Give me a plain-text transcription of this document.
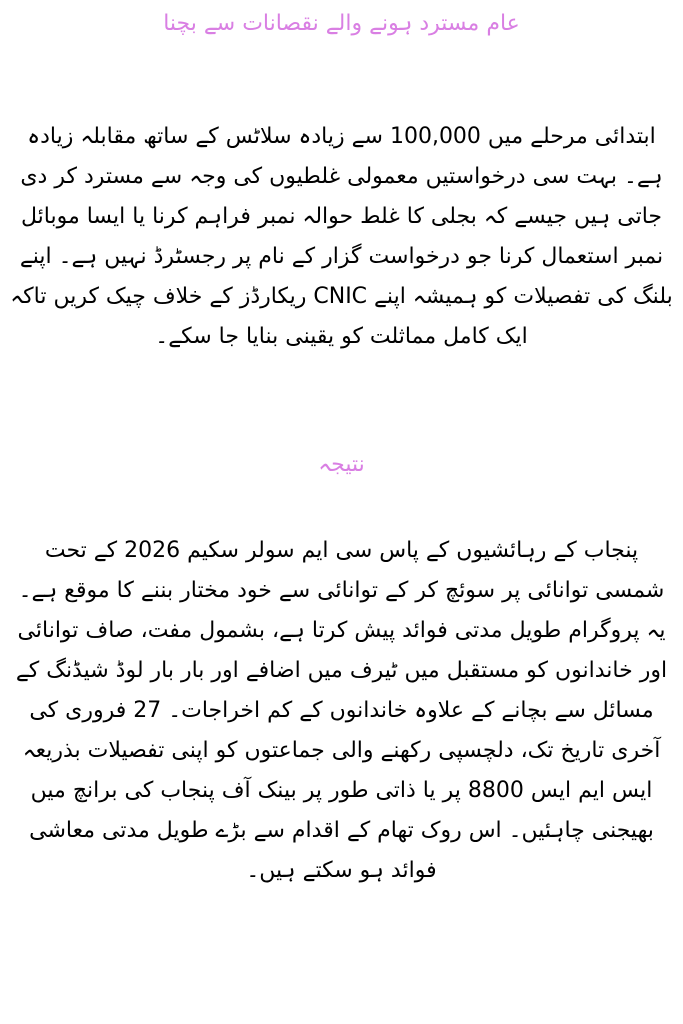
عام مسترد ہونے والے نقصانات سے بچنا

ابتدائی مرحلے میں 100,000 سے زیادہ سلاٹس کے ساتھ مقابلہ زیادہ ہے۔ بہت سی درخواستیں معمولی غلطیوں کی وجہ سے مسترد کر دی جاتی ہیں جیسے کہ بجلی کا غلط حوالہ نمبر فراہم کرنا یا ایسا موبائل نمبر استعمال کرنا جو درخواست گزار کے نام پر رجسٹرڈ نہیں ہے۔ اپنے بلنگ کی تفصیلات کو ہمیشہ اپنے CNIC ریکارڈز کے خلاف چیک کریں تاکہ ایک کامل مماثلت کو یقینی بنایا جا سکے۔

نتیجہ

پنجاب کے رہائشیوں کے پاس سی ایم سولر سکیم 2026 کے تحت شمسی توانائی پر سوئچ کر کے توانائی سے خود مختار بننے کا موقع ہے۔ یہ پروگرام طویل مدتی فوائد پیش کرتا ہے، بشمول مفت، صاف توانائی اور خاندانوں کو مستقبل میں ٹیرف میں اضافے اور بار بار لوڈ شیڈنگ کے مسائل سے بچانے کے علاوہ خاندانوں کے کم اخراجات۔ 27 فروری کی آخری تاریخ تک، دلچسپی رکھنے والی جماعتوں کو اپنی تفصیلات بذریعہ ایس ایم ایس 8800 پر یا ذاتی طور پر بینک آف پنجاب کی برانچ میں بھیجنی چاہئیں۔ اس روک تھام کے اقدام سے بڑے طویل مدتی معاشی فوائد ہو سکتے ہیں۔
